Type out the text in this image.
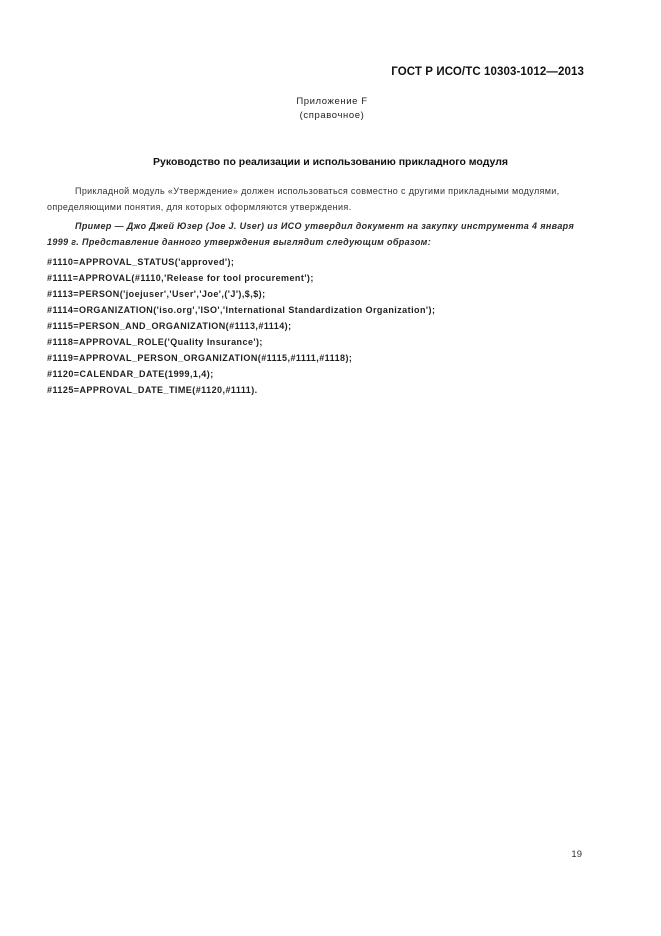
ГОСТ Р ИСО/ТС 10303-1012—2013
Приложение F
(справочное)
Руководство по реализации и использованию прикладного модуля
Прикладной модуль «Утверждение» должен использоваться совместно с другими прикладными модулями, определяющими понятия, для которых оформляются утверждения.
Пример — Джо Джей Юзер (Joe J. User) из ИСО утвердил документ на закупку инструмента 4 января 1999 г. Представление данного утверждения выглядит следующим образом:
#1110=APPROVAL_STATUS('approved');
#1111=APPROVAL(#1110,'Release for tool procurement');
#1113=PERSON('joejuser','User','Joe',('J'),$,$);
#1114=ORGANIZATION('iso.org','ISO','International Standardization Organization');
#1115=PERSON_AND_ORGANIZATION(#1113,#1114);
#1118=APPROVAL_ROLE('Quality Insurance');
#1119=APPROVAL_PERSON_ORGANIZATION(#1115,#1111,#1118);
#1120=CALENDAR_DATE(1999,1,4);
#1125=APPROVAL_DATE_TIME(#1120,#1111).
19
